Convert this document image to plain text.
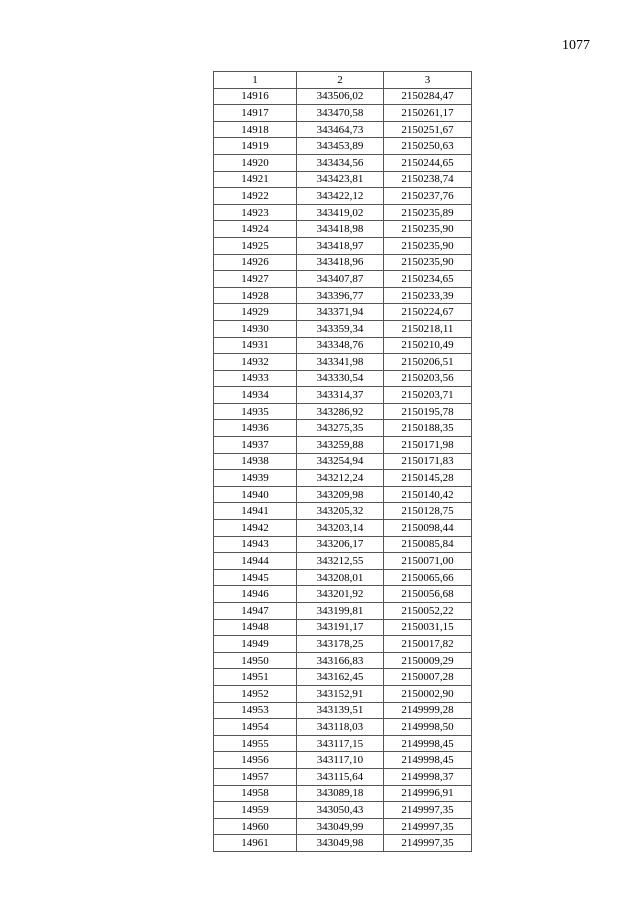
1077
1	2	3
14916	343506,02	2150284,47
14917	343470,58	2150261,17
14918	343464,73	2150251,67
14919	343453,89	2150250,63
14920	343434,56	2150244,65
14921	343423,81	2150238,74
14922	343422,12	2150237,76
14923	343419,02	2150235,89
14924	343418,98	2150235,90
14925	343418,97	2150235,90
14926	343418,96	2150235,90
14927	343407,87	2150234,65
14928	343396,77	2150233,39
14929	343371,94	2150224,67
14930	343359,34	2150218,11
14931	343348,76	2150210,49
14932	343341,98	2150206,51
14933	343330,54	2150203,56
14934	343314,37	2150203,71
14935	343286,92	2150195,78
14936	343275,35	2150188,35
14937	343259,88	2150171,98
14938	343254,94	2150171,83
14939	343212,24	2150145,28
14940	343209,98	2150140,42
14941	343205,32	2150128,75
14942	343203,14	2150098,44
14943	343206,17	2150085,84
14944	343212,55	2150071,00
14945	343208,01	2150065,66
14946	343201,92	2150056,68
14947	343199,81	2150052,22
14948	343191,17	2150031,15
14949	343178,25	2150017,82
14950	343166,83	2150009,29
14951	343162,45	2150007,28
14952	343152,91	2150002,90
14953	343139,51	2149999,28
14954	343118,03	2149998,50
14955	343117,15	2149998,45
14956	343117,10	2149998,45
14957	343115,64	2149998,37
14958	343089,18	2149996,91
14959	343050,43	2149997,35
14960	343049,99	2149997,35
14961	343049,98	2149997,35
